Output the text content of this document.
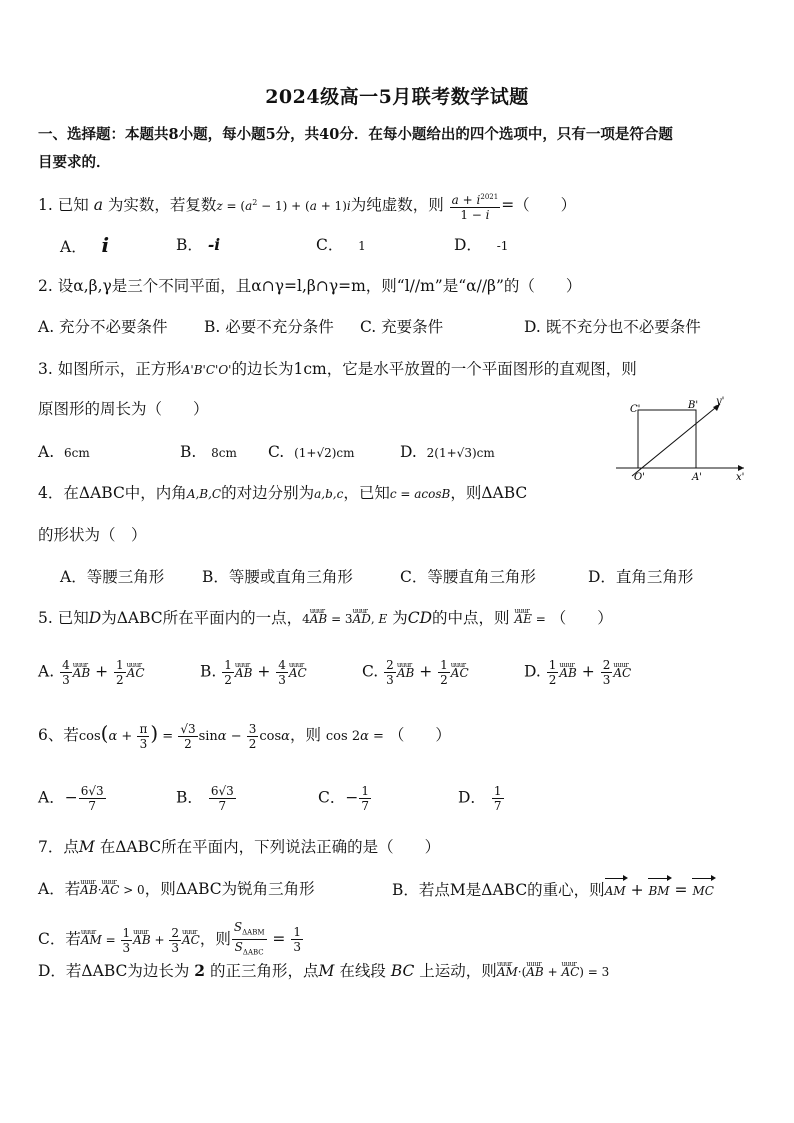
2024级高一5月联考数学试题
一、选择题：本题共8小题，每小题5分，共40分．在每小题给出的四个选项中，只有一项是符合题
目要求的．
1. 已知 a 为实数，若复数$z = (a^2 - 1) + (a + 1)i$为纯虚数，则 $\frac{a + i^{2021}}{1 - i}$ =（　　）
A． i	B． -i	C． 1	D． -1
2. 设α,β,γ是三个不同平面，且α∩γ=l,β∩γ=m，则“l//m”是“α//β”的（　　）
A. 充分不必要条件 B. 必要不充分条件 C. 充要条件	D. 既不充分也不必要条件
3. 如图所示，正方形A'B'C'O'的边长为1cm，它是水平放置的一个平面图形的直观图，则
原图形的周长为（　　）
A. 6cm	B. 8cm C. (1+√2)cm	D. 2(1+√3)cm
C'	B' y'
O'	A'	x'
4．在ΔABC中，内角A,B,C的对边分别为a,b,c，已知c = acosB，则ΔABC
的形状为（　）
A．等腰三角形 B．等腰或直角三角形	C．等腰直角三角形	D．直角三角形
5. 已知D为ΔABC所在平面内的一点，4uuur AB = 3uuur AD, E 为CD的中点，则 uuur AE = （　　）
A. $\frac{4}{3}$ uuur AB + $\frac{1}{2}$ uuur AC	B. $\frac{1}{2}$ uuur AB + $\frac{4}{3}$ uuur AC	C. $\frac{2}{3}$ uuur AB + $\frac{1}{2}$ uuur AC	D. $\frac{1}{2}$ uuur AB + $\frac{2}{3}$ uuur AC
6、若$\cos(\alpha + \frac{\pi}{3}$ ) = $\frac{√3}{2}$ $\sin\alpha - \frac{3}{2}$ cosα，则 cos 2α = （　　）
A．− $\frac{6√3}{7}$	B． $\frac{6√3}{7}$	C．− $\frac{1}{7}$	D． $\frac{1}{7}$
7．点M 在ΔABC所在平面内，下列说法正确的是（　　）
A．若uuur AB·uuur AC > 0，则ΔABC为锐角三角形	B．若点M是ΔABC的重心，则AM + BM = MC
C．若uuur AM = $\frac{1}{3}$ uuur AB + $\frac{2}{3}$ uuur AC，则 $\frac{S_{\Delta ABM}}{S_{\Delta ABC}} = \frac{1}{3}$
D．若ΔABC为边长为 2 的正三角形，点M 在线段 BC 上运动，则uuur AM·(uuur AB + uuur AC) = 3
